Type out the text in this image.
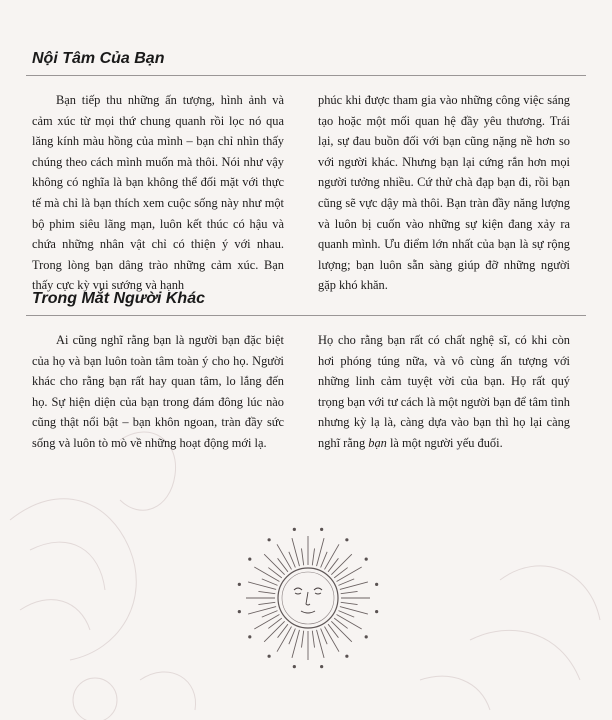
Nội Tâm Của Bạn

Bạn tiếp thu những ấn tượng, hình ảnh và cảm xúc từ mọi thứ chung quanh rồi lọc nó qua lăng kính màu hồng của mình – bạn chỉ nhìn thấy chúng theo cách mình muốn mà thôi. Nói như vậy không có nghĩa là bạn không thể đối mặt với thực tế mà chỉ là bạn thích xem cuộc sống này như một bộ phim siêu lãng mạn, luôn kết thúc có hậu và chứa những nhân vật chỉ có thiện ý với nhau. Trong lòng bạn dâng trào những cảm xúc. Bạn thấy cực kỳ vui sướng và hạnh

phúc khi được tham gia vào những công việc sáng tạo hoặc một mối quan hệ đầy yêu thương. Trái lại, sự đau buồn đối với bạn cũng nặng nề hơn so với người khác. Nhưng bạn lại cứng rắn hơn mọi người tưởng nhiều. Cứ thử chà đạp bạn đi, rồi bạn cũng sẽ vực dậy mà thôi. Bạn tràn đầy năng lượng và luôn bị cuốn vào những sự kiện đang xảy ra quanh mình. Ưu điểm lớn nhất của bạn là sự rộng lượng; bạn luôn sẵn sàng giúp đỡ những người gặp khó khăn.

Trong Mắt Người Khác

Ai cũng nghĩ rằng bạn là người bạn đặc biệt của họ và bạn luôn toàn tâm toàn ý cho họ. Người khác cho rằng bạn rất hay quan tâm, lo lắng đến họ. Sự hiện diện của bạn trong đám đông lúc nào cũng thật nổi bật – bạn khôn ngoan, tràn đầy sức sống và luôn tò mò về những hoạt động mới lạ.

Họ cho rằng bạn rất có chất nghệ sĩ, có khi còn hơi phóng túng nữa, và vô cùng ấn tượng với những linh cảm tuyệt vời của bạn. Họ rất quý trọng bạn với tư cách là một người bạn để tâm tình nhưng kỳ lạ là, càng dựa vào bạn thì họ lại càng nghĩ rằng bạn là một người yếu đuối.
